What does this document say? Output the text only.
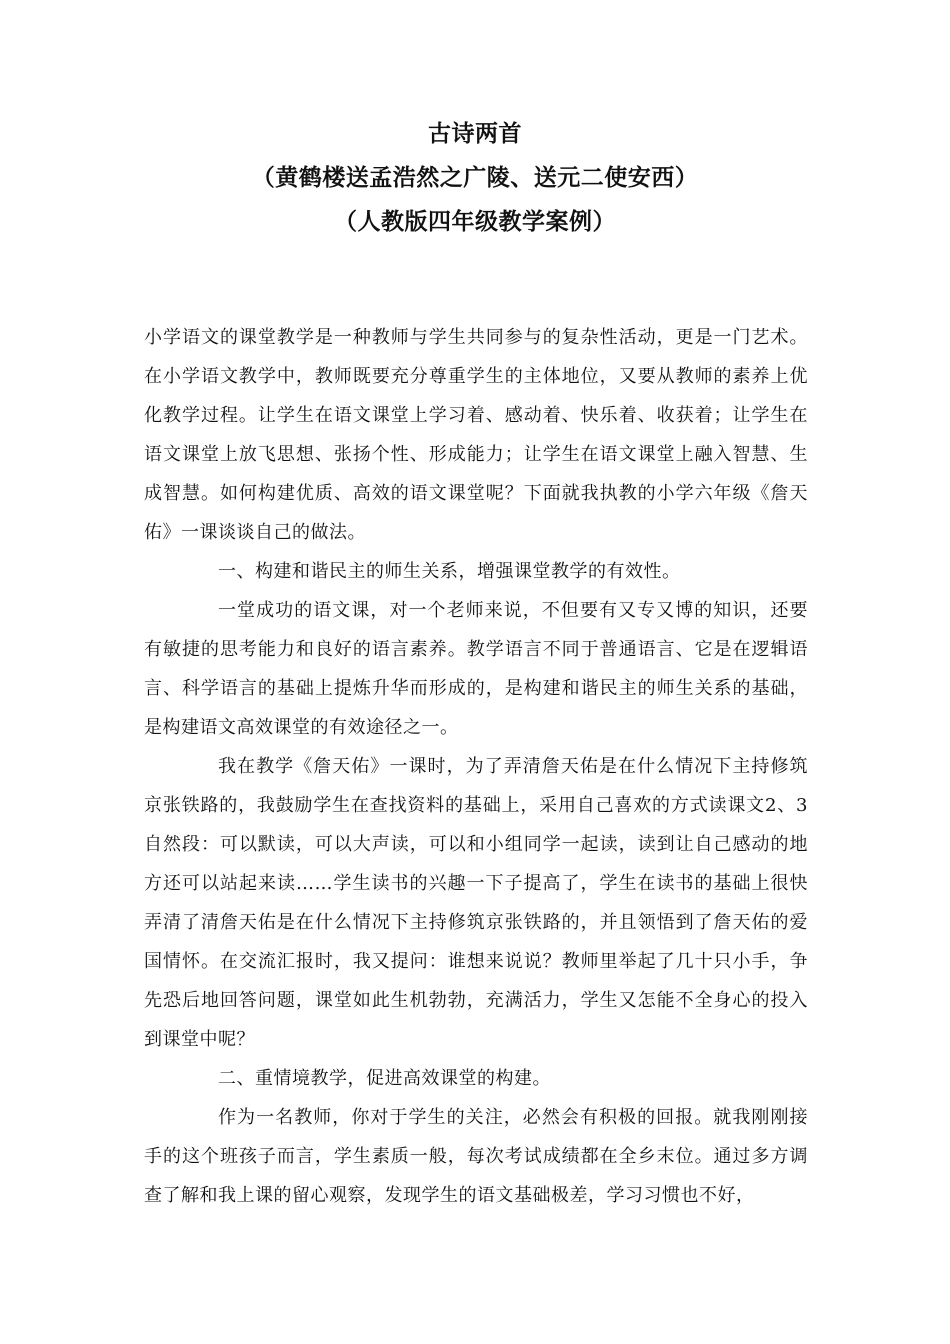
古诗两首

（黄鹤楼送孟浩然之广陵、送元二使安西）

（人教版四年级教学案例）

小学语文的课堂教学是一种教师与学生共同参与的复杂性活动，更是一门艺术。在小学语文教学中，教师既要充分尊重学生的主体地位，又要从教师的素养上优化教学过程。让学生在语文课堂上学习着、感动着、快乐着、收获着；让学生在语文课堂上放飞思想、张扬个性、形成能力；让学生在语文课堂上融入智慧、生成智慧。如何构建优质、高效的语文课堂呢？下面就我执教的小学六年级《詹天佑》一课谈谈自己的做法。

一、构建和谐民主的师生关系，增强课堂教学的有效性。

一堂成功的语文课，对一个老师来说，不但要有又专又博的知识，还要有敏捷的思考能力和良好的语言素养。教学语言不同于普通语言、它是在逻辑语言、科学语言的基础上提炼升华而形成的，是构建和谐民主的师生关系的基础，是构建语文高效课堂的有效途径之一。

我在教学《詹天佑》一课时，为了弄清詹天佑是在什么情况下主持修筑京张铁路的，我鼓励学生在查找资料的基础上，采用自己喜欢的方式读课文2、3自然段：可以默读，可以大声读，可以和小组同学一起读，读到让自己感动的地方还可以站起来读……学生读书的兴趣一下子提高了，学生在读书的基础上很快弄清了清詹天佑是在什么情况下主持修筑京张铁路的，并且领悟到了詹天佑的爱国情怀。在交流汇报时，我又提问：谁想来说说？教师里举起了几十只小手，争先恐后地回答问题，课堂如此生机勃勃，充满活力，学生又怎能不全身心的投入到课堂中呢？

二、重情境教学，促进高效课堂的构建。

作为一名教师，你对于学生的关注，必然会有积极的回报。就我刚刚接手的这个班孩子而言，学生素质一般，每次考试成绩都在全乡末位。通过多方调查了解和我上课的留心观察，发现学生的语文基础极差，学习习惯也不好，
